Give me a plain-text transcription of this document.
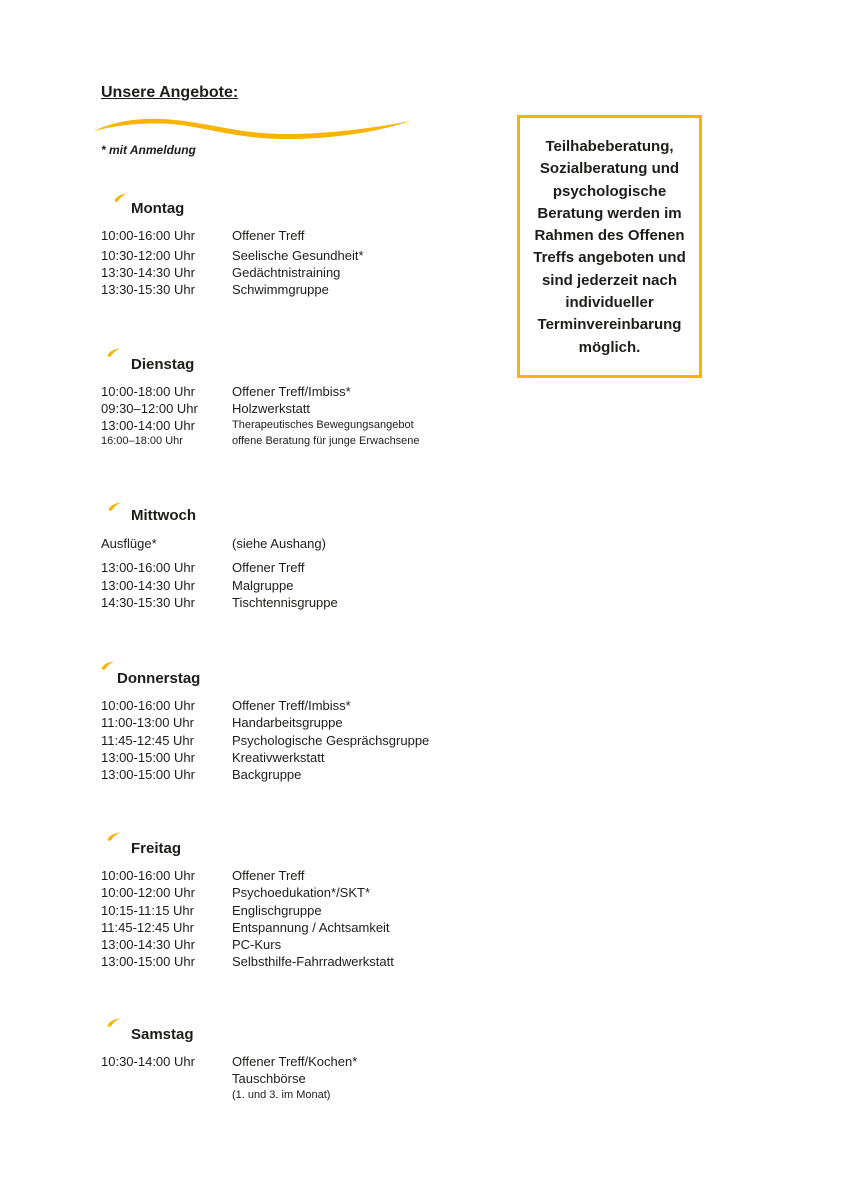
Unsere Angebote:
* mit Anmeldung	Teilhabeberatung,
Sozialberatung und
psychologische
Beratung werden im
Rahmen des Offenen
Treffs angeboten und
sind jederzeit nach
individueller
Terminvereinbarung
möglich.
Montag
10:00-16:00 Uhr	Offener Treff
10:30-12:00 Uhr	Seelische Gesundheit*
13:30-14:30 Uhr	Gedächtnistraining
13:30-15:30 Uhr	Schwimmgruppe
Dienstag
10:00-18:00 Uhr	Offener Treff/Imbiss*
09:30–12:00 Uhr	Holzwerkstatt
13:00-14:00 Uhr	Therapeutisches Bewegungsangebot
16:00–18:00 Uhr	offene Beratung für junge Erwachsene
Mittwoch
Ausflüge*	(siehe Aushang)
13:00-16:00 Uhr	Offener Treff
13:00-14:30 Uhr	Malgruppe
14:30-15:30 Uhr	Tischtennisgruppe
Donnerstag
10:00-16:00 Uhr	Offener Treff/Imbiss*
11:00-13:00 Uhr	Handarbeitsgruppe
11:45-12:45 Uhr	Psychologische Gesprächsgruppe
13:00-15:00 Uhr	Kreativwerkstatt
13:00-15:00 Uhr	Backgruppe
Freitag
10:00-16:00 Uhr	Offener Treff
10:00-12:00 Uhr	Psychoedukation*/SKT*
10:15-11:15 Uhr	Englischgruppe
11:45-12:45 Uhr	Entspannung / Achtsamkeit
13:00-14:30 Uhr	PC-Kurs
13:00-15:00 Uhr	Selbsthilfe-Fahrradwerkstatt
Samstag
10:30-14:00 Uhr	Offener Treff/Kochen*
Tauschbörse
(1. und 3. im Monat)
